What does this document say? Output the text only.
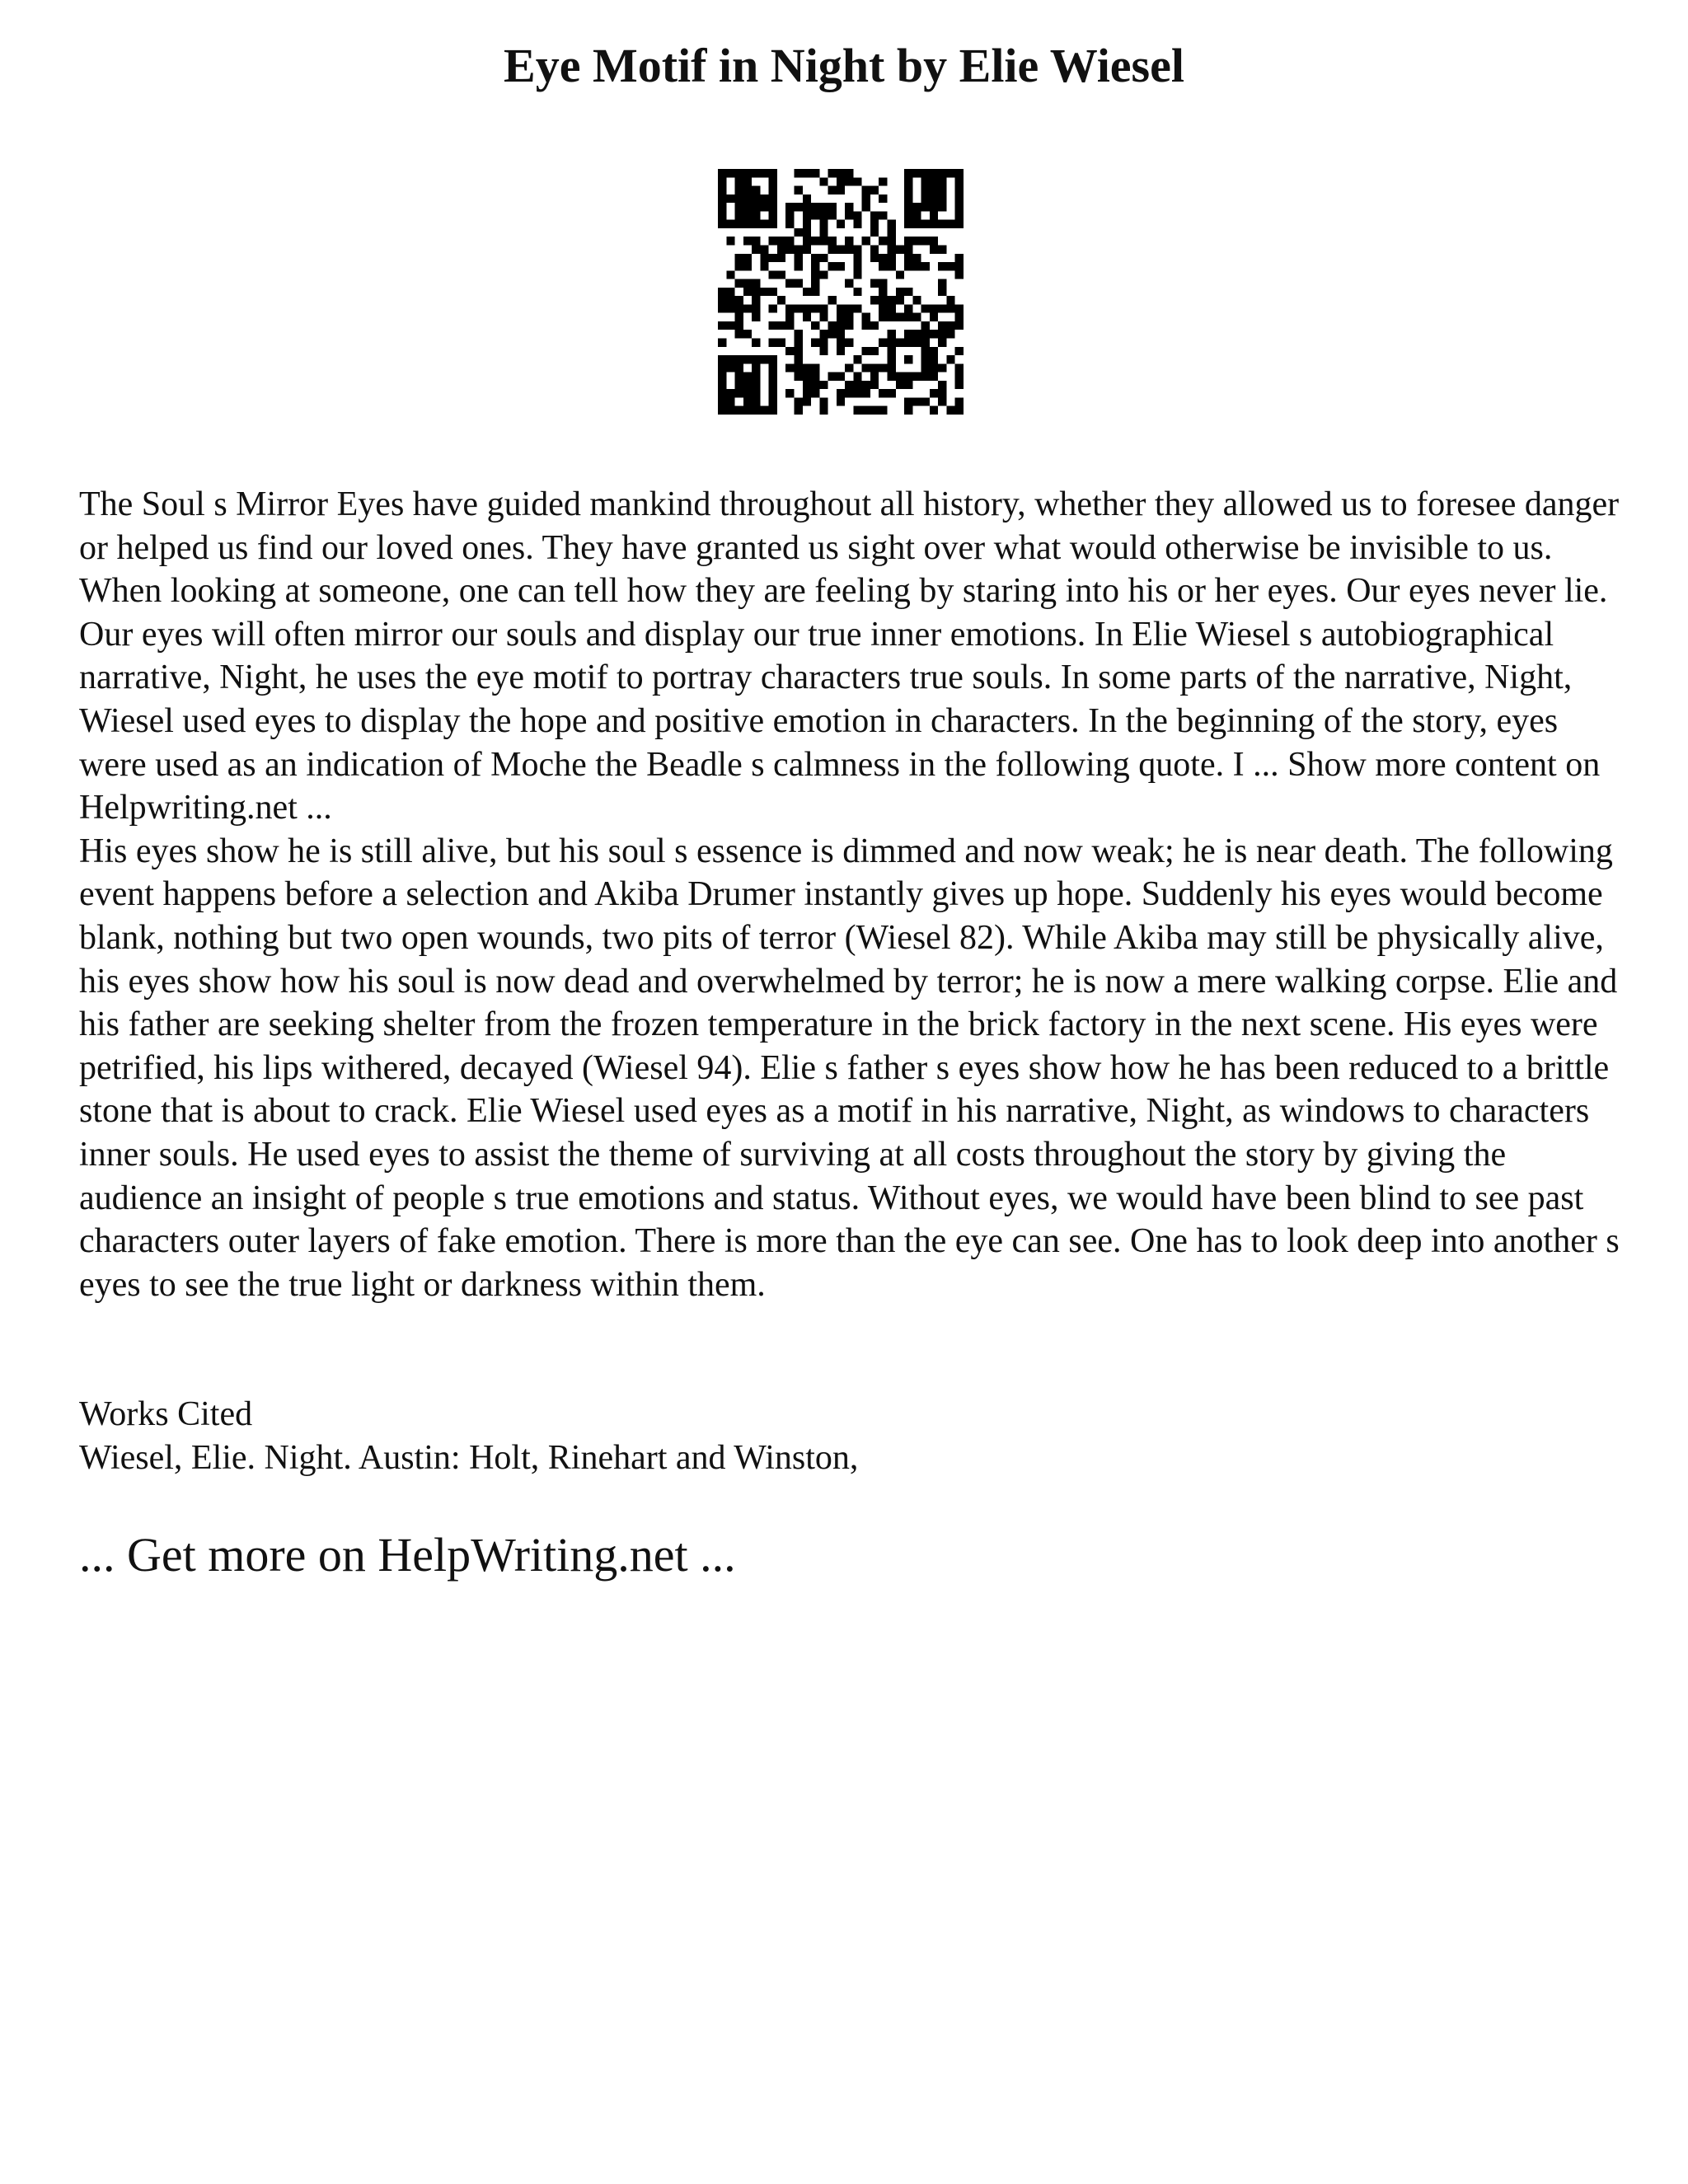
Eye Motif in Night by Elie Wiesel
The Soul s Mirror Eyes have guided mankind throughout all history, whether they allowed us to foresee danger or helped us find our loved ones. They have granted us sight over what would otherwise be invisible to us. When looking at someone, one can tell how they are feeling by staring into his or her eyes. Our eyes never lie. Our eyes will often mirror our souls and display our true inner emotions. In Elie Wiesel s autobiographical narrative, Night, he uses the eye motif to portray characters true souls. In some parts of the narrative, Night, Wiesel used eyes to display the hope and positive emotion in characters. In the beginning of the story, eyes were used as an indication of Moche the Beadle s calmness in the following quote. I ... Show more content on Helpwriting.net ...
His eyes show he is still alive, but his soul s essence is dimmed and now weak; he is near death. The following event happens before a selection and Akiba Drumer instantly gives up hope. Suddenly his eyes would become blank, nothing but two open wounds, two pits of terror (Wiesel 82). While Akiba may still be physically alive, his eyes show how his soul is now dead and overwhelmed by terror; he is now a mere walking corpse. Elie and his father are seeking shelter from the frozen temperature in the brick factory in the next scene. His eyes were petrified, his lips withered, decayed (Wiesel 94). Elie s father s eyes show how he has been reduced to a brittle stone that is about to crack. Elie Wiesel used eyes as a motif in his narrative, Night, as windows to characters inner souls. He used eyes to assist the theme of surviving at all costs throughout the story by giving the audience an insight of people s true emotions and status. Without eyes, we would have been blind to see past characters outer layers of fake emotion. There is more than the eye can see. One has to look deep into another s eyes to see the true light or darkness within them.
Works Cited
Wiesel, Elie. Night. Austin: Holt, Rinehart and Winston,
... Get more on HelpWriting.net ...
